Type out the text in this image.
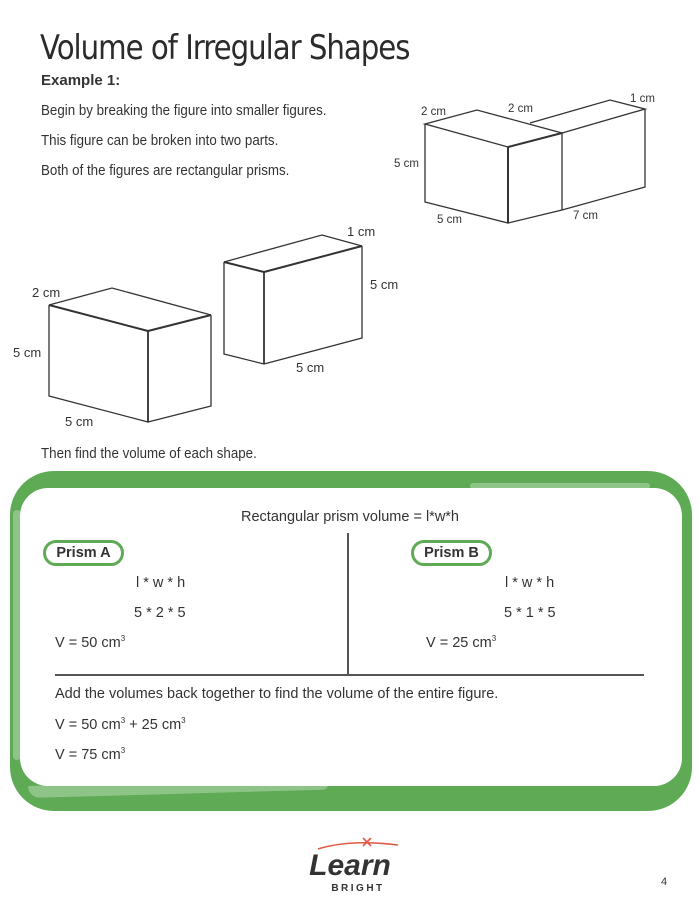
Volume of Irregular Shapes
Example 1:
Begin by breaking the figure into smaller figures.
This figure can be broken into two parts.
Both of the figures are rectangular prisms.
2 cm	2 cm
1 cm
5 cm
5 cm	7 cm
2 cm
5 cm
5 cm
1 cm
5 cm
5 cm
Then find the volume of each shape.
Rectangular prism volume = l*w*h
Prism A
l * w * h
5 * 2 * 5
V = 50 $cm^3$
Prism B
l * w * h
5 * 1 * 5
V = 25 $cm^3$
Add the volumes back together to find the volume of the entire figure.
V = 50 $cm^3 + 25$ $cm^3$
V = 75 $cm^3$
Learn
BRIGHT
4
